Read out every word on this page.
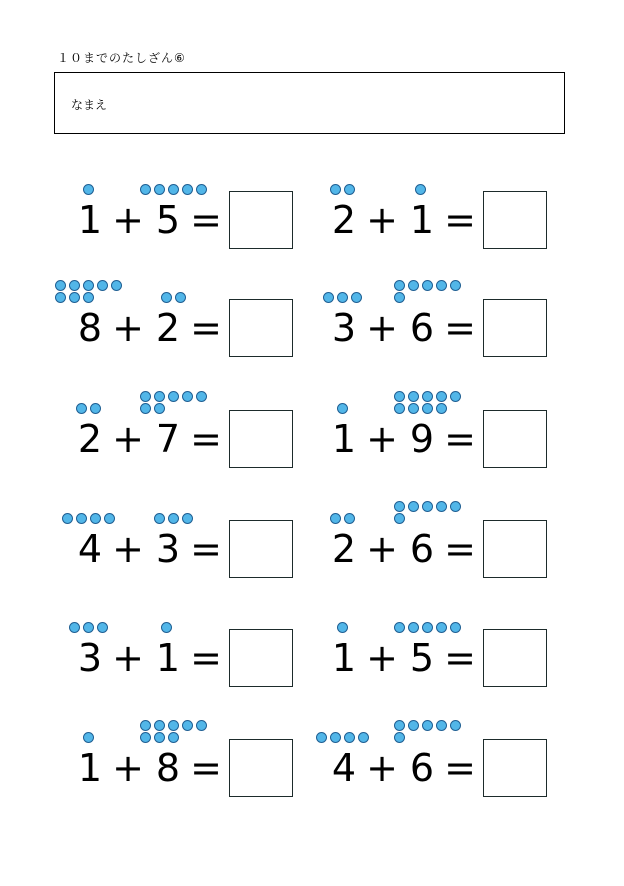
１０までのたしざん⑥
なまえ
1 + 5 =	2 + 1 =
8 + 2 =	3 + 6 =
2 + 7 =	1 + 9 =
4 + 3 =	2 + 6 =
3 + 1 =	1 + 5 =
1 + 8 =	4 + 6 =
